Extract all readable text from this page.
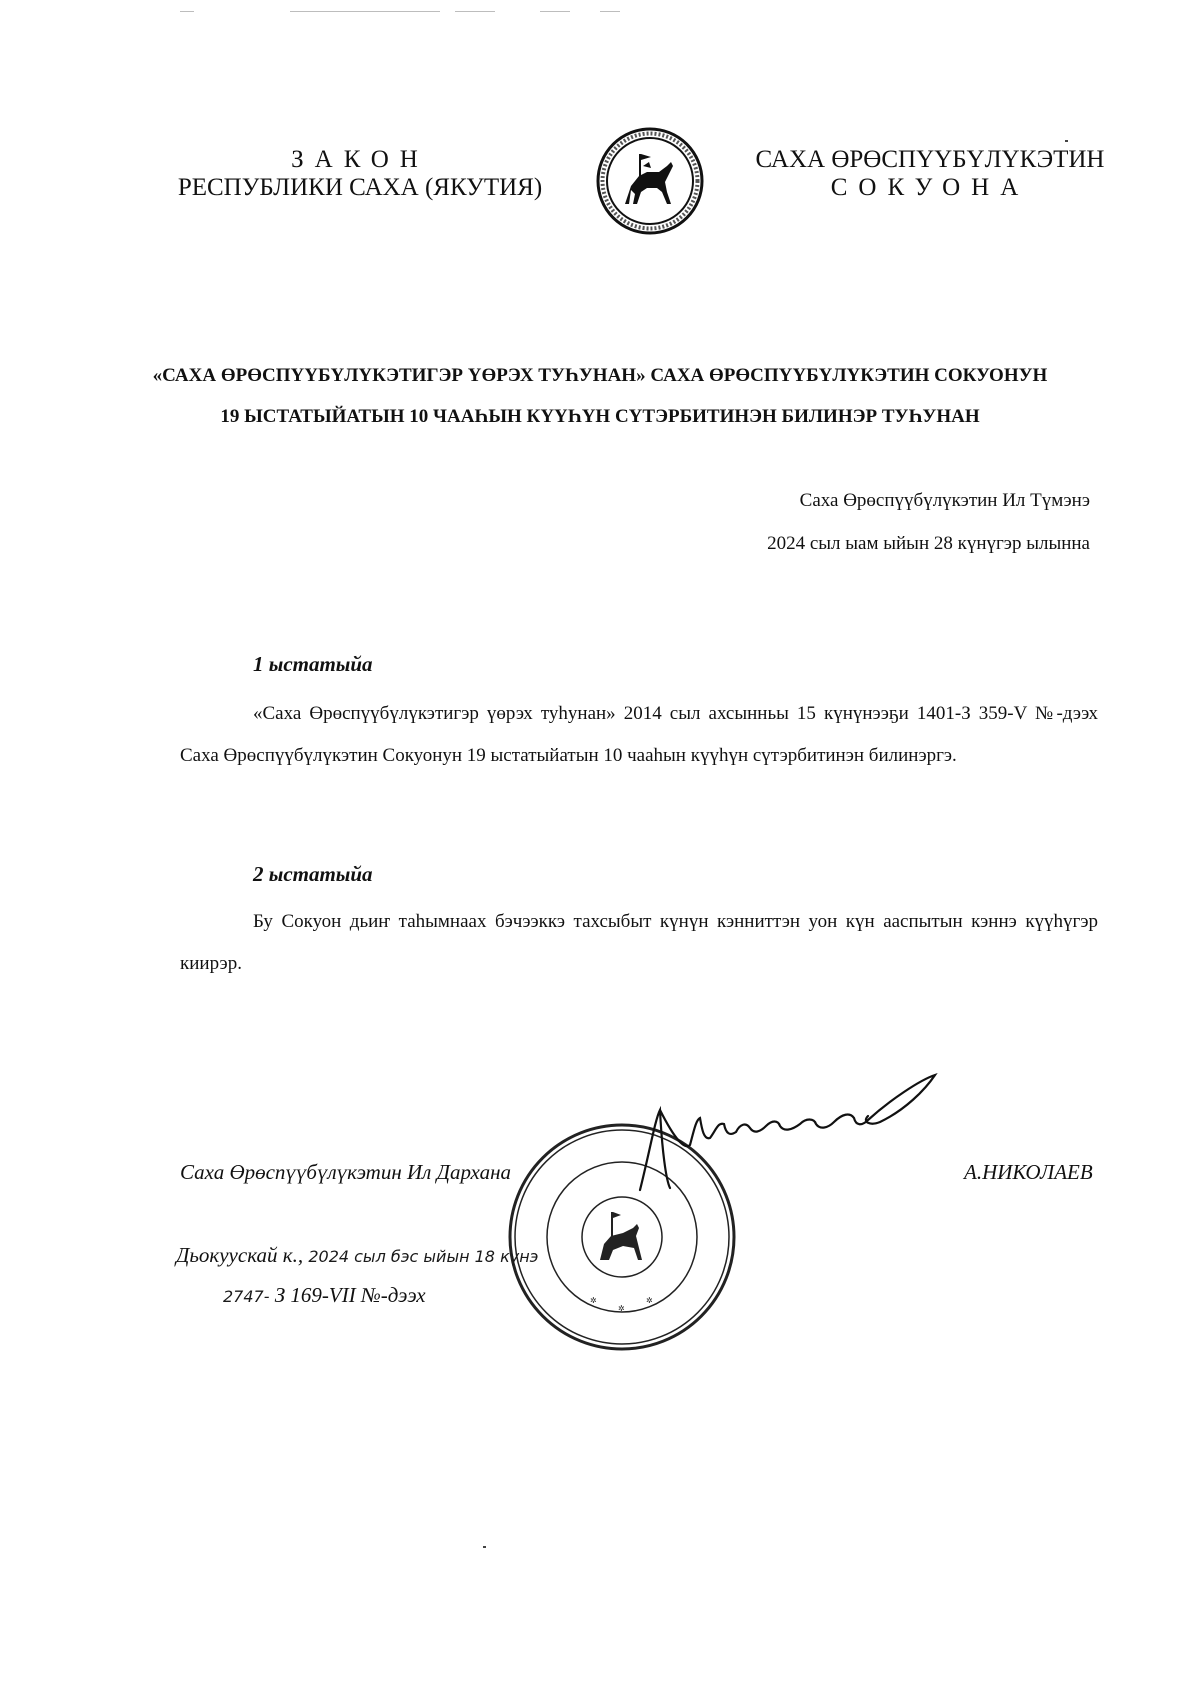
ЗАКОН
РЕСПУБЛИКИ САХА (ЯКУТИЯ)
САХА ӨРӨСПҮҮБҮЛҮКЭТИН
СОКУОНА
«САХА ӨРӨСПҮҮБҮЛҮКЭТИГЭР ҮӨРЭХ ТУҺУНАН» САХА ӨРӨСПҮҮБҮЛҮКЭТИН СОКУОНУН
19 ЫСТАТЫЙАТЫН 10 ЧААҺЫН КҮҮҺҮН СҮТЭРБИТИНЭН БИЛИНЭР ТУҺУНАН
Саха Өрөспүүбүлүкэтин Ил Түмэнэ
2024 сыл ыам ыйын 28 күнүгэр ылынна
1 ыстатыйа
«Саха Өрөспүүбүлүкэтигэр үөрэх туһунан» 2014 сыл ахсынньы 15 күнүнээҕи 1401-З 359-V №-дээх Саха Өрөспүүбүлүкэтин Сокуонун 19 ыстатыйатын 10 чааһын күүһүн сүтэрбитинэн билинэргэ.
2 ыстатыйа
Бу Сокуон дьиҥ таһымнаах бэчээккэ тахсыбыт күнүн кэнниттэн уон күн ааспытын кэннэ күүһүгэр киирэр.
✲
✲
✲
Саха Өрөспүүбүлүкэтин Ил Дархана	А.НИКОЛАЕВ
Дьокуускай к., 2024 сыл бэс ыйын 18 күнэ
2747- З 169-VII №-дээх
